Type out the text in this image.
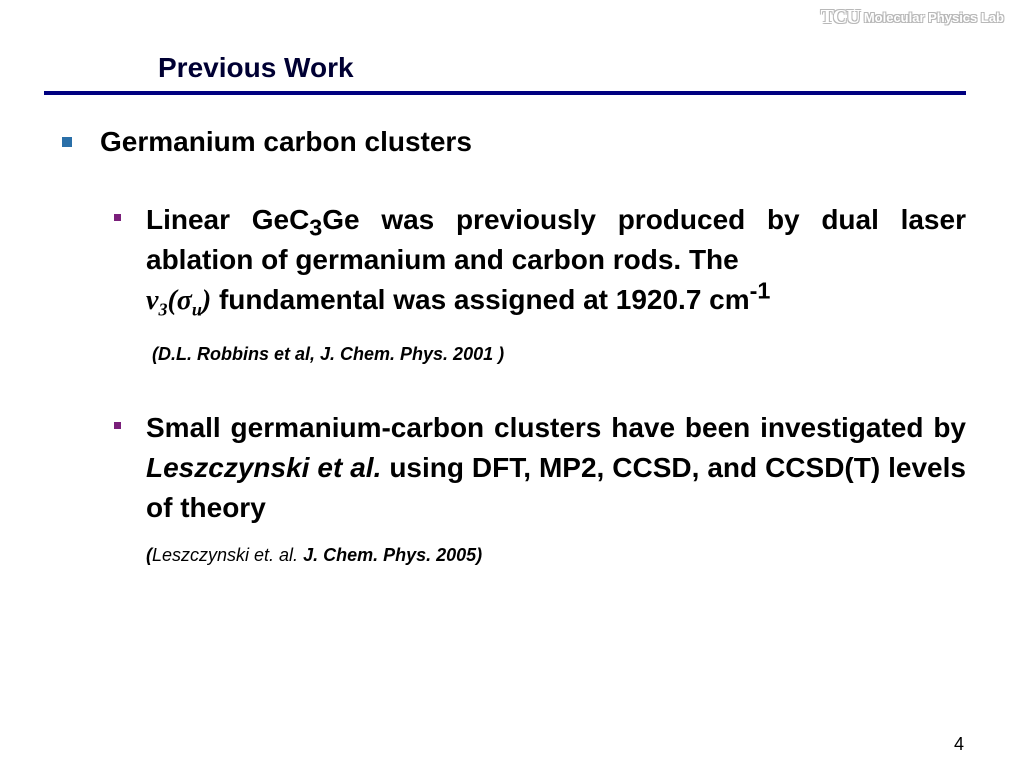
TCU Molecular Physics Lab
Previous Work
Germanium carbon clusters
Linear GeC$_3$Ge was previously produced by dual laser ablation of germanium and carbon rods. The
$v_3(\sigma_u)$ fundamental was assigned at 1920.7 $cm^{-1}$
(D.L. Robbins et al, J. Chem. Phys. 2001 )
Small germanium-carbon clusters have been investigated by Leszczynski et al. using DFT, MP2, CCSD, and CCSD(T) levels of theory
(Leszczynski et. al. J. Chem. Phys. 2005)
4
